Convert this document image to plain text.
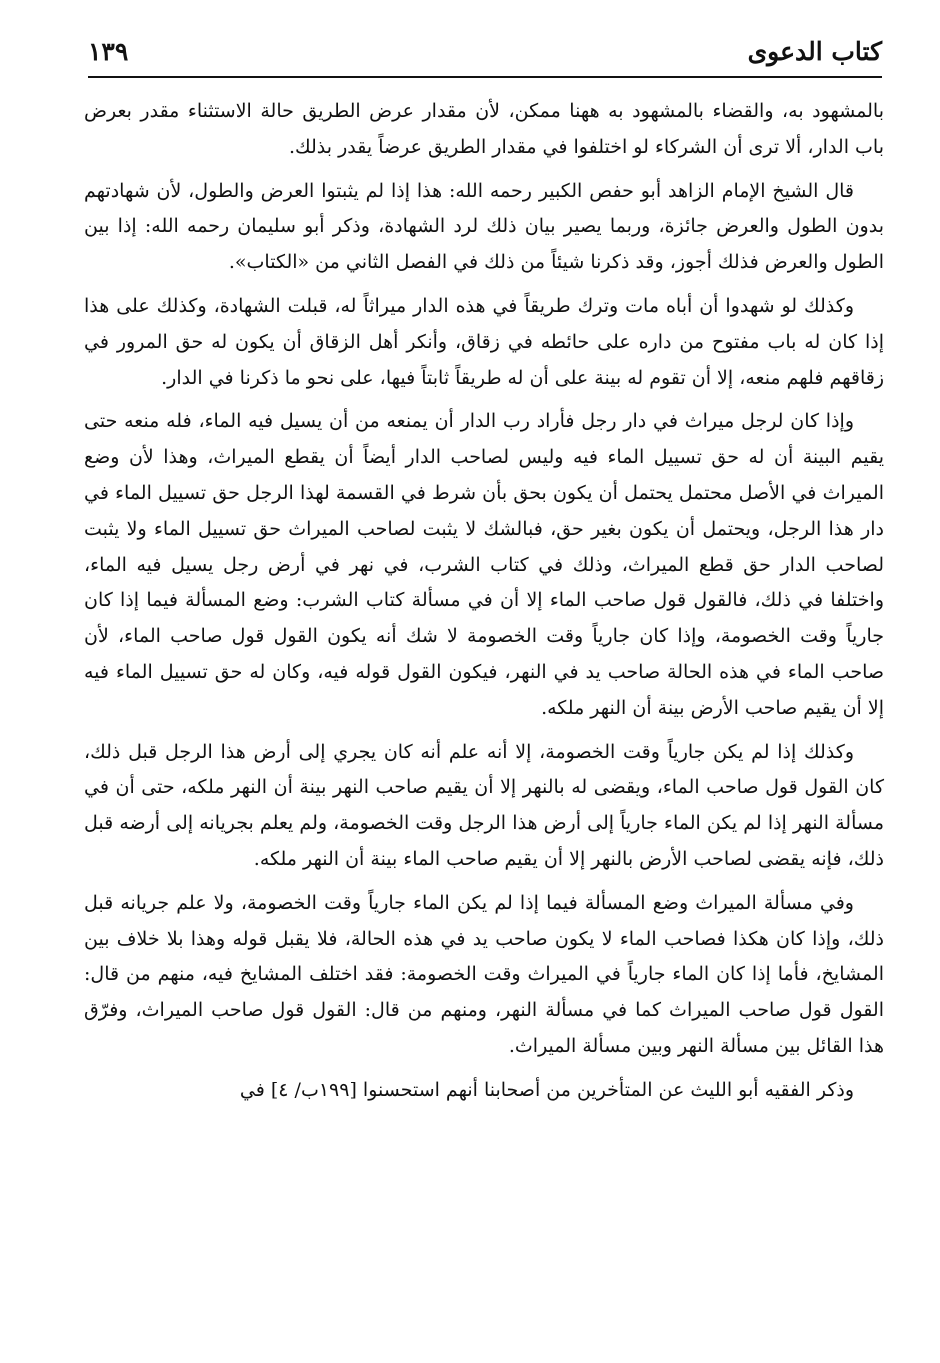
كتاب الدعوى
١٣٩

بالمشهود به، والقضاء بالمشهود به ههنا ممكن، لأن مقدار عرض الطريق حالة الاستثناء مقدر بعرض باب الدار، ألا ترى أن الشركاء لو اختلفوا في مقدار الطريق عرضاً يقدر بذلك.

قال الشيخ الإمام الزاهد أبو حفص الكبير رحمه الله: هذا إذا لم يثبتوا العرض والطول، لأن شهادتهم بدون الطول والعرض جائزة، وربما يصير بيان ذلك لرد الشهادة، وذكر أبو سليمان رحمه الله: إذا بين الطول والعرض فذلك أجوز، وقد ذكرنا شيئاً من ذلك في الفصل الثاني من «الكتاب».

وكذلك لو شهدوا أن أباه مات وترك طريقاً في هذه الدار ميراثاً له، قبلت الشهادة، وكذلك على هذا إذا كان له باب مفتوح من داره على حائطه في زقاق، وأنكر أهل الزقاق أن يكون له حق المرور في زقاقهم فلهم منعه، إلا أن تقوم له بينة على أن له طريقاً ثابتاً فيها، على نحو ما ذكرنا في الدار.

وإذا كان لرجل ميراث في دار رجل فأراد رب الدار أن يمنعه من أن يسيل فيه الماء، فله منعه حتى يقيم البينة أن له حق تسييل الماء فيه وليس لصاحب الدار أيضاً أن يقطع الميراث، وهذا لأن وضع الميراث في الأصل محتمل يحتمل أن يكون بحق بأن شرط في القسمة لهذا الرجل حق تسييل الماء في دار هذا الرجل، ويحتمل أن يكون بغير حق، فبالشك لا يثبت لصاحب الميراث حق تسييل الماء ولا يثبت لصاحب الدار حق قطع الميراث، وذلك في كتاب الشرب، في نهر في أرض رجل يسيل فيه الماء، واختلفا في ذلك، فالقول قول صاحب الماء إلا أن في مسألة كتاب الشرب: وضع المسألة فيما إذا كان جارياً وقت الخصومة، وإذا كان جارياً وقت الخصومة لا شك أنه يكون القول قول صاحب الماء، لأن صاحب الماء في هذه الحالة صاحب يد في النهر، فيكون القول قوله فيه، وكان له حق تسييل الماء فيه إلا أن يقيم صاحب الأرض بينة أن النهر ملكه.

وكذلك إذا لم يكن جارياً وقت الخصومة، إلا أنه علم أنه كان يجري إلى أرض هذا الرجل قبل ذلك، كان القول قول صاحب الماء، ويقضى له بالنهر إلا أن يقيم صاحب النهر بينة أن النهر ملكه، حتى أن في مسألة النهر إذا لم يكن الماء جارياً إلى أرض هذا الرجل وقت الخصومة، ولم يعلم بجريانه إلى أرضه قبل ذلك، فإنه يقضى لصاحب الأرض بالنهر إلا أن يقيم صاحب الماء بينة أن النهر ملكه.

وفي مسألة الميراث وضع المسألة فيما إذا لم يكن الماء جارياً وقت الخصومة، ولا علم جريانه قبل ذلك، وإذا كان هكذا فصاحب الماء لا يكون صاحب يد في هذه الحالة، فلا يقبل قوله وهذا بلا خلاف بين المشايخ، فأما إذا كان الماء جارياً في الميراث وقت الخصومة: فقد اختلف المشايخ فيه، منهم من قال: القول قول صاحب الميراث كما في مسألة النهر، ومنهم من قال: القول قول صاحب الميراث، وفرّق هذا القائل بين مسألة النهر وبين مسألة الميراث.

وذكر الفقيه أبو الليث عن المتأخرين من أصحابنا أنهم استحسنوا [١٩٩ب/ ٤] في
